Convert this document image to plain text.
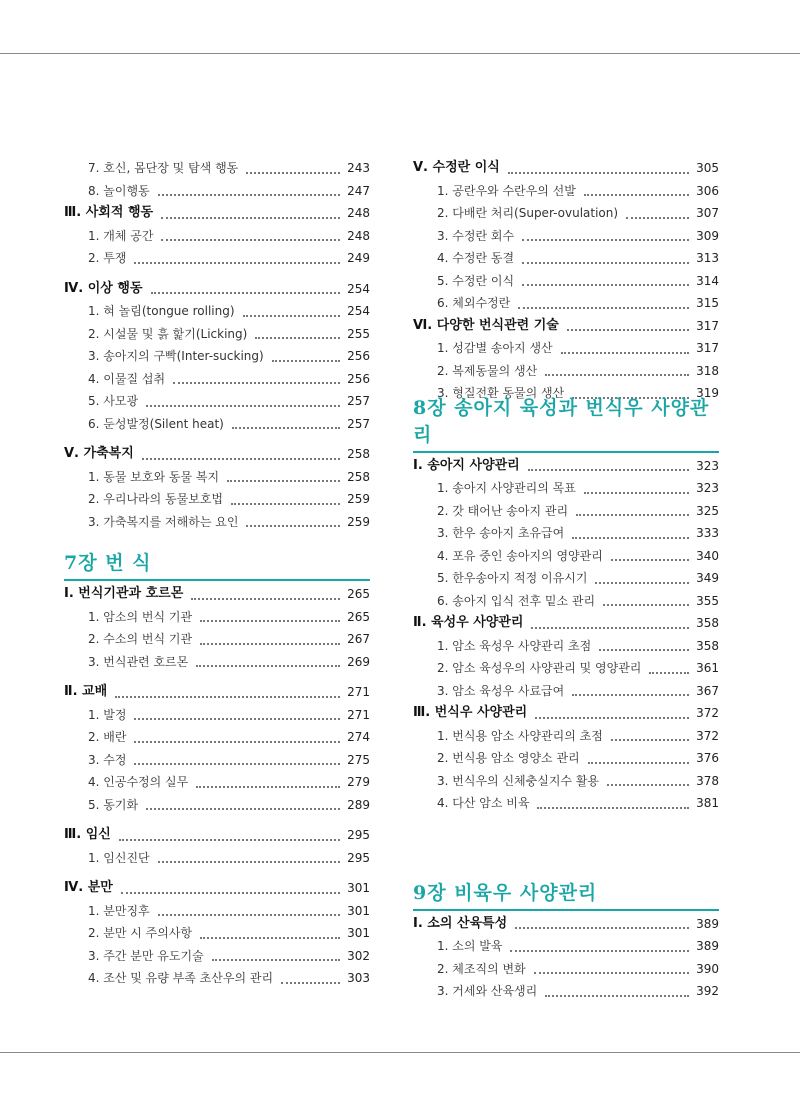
7. 호신, 몸단장 및 탐색 행동	243
8. 놀이행동	247
Ⅲ. 사회적 행동	248
1. 개체 공간	248
2. 투쟁	249
Ⅳ. 이상 행동	254
1. 혀 놀림(tongue rolling)	254
2. 시설물 및 흙 핥기(Licking)	255
3. 송아지의 구빡(Inter-sucking)	256
4. 이물질 섭취	256
5. 사모광	257
6. 둔성발정(Silent heat)	257
Ⅴ. 가축복지	258
1. 동물 보호와 동물 복지	258
2. 우리나라의 동물보호법	259
3. 가축복지를 저해하는 요인	259
7장 번 식
Ⅰ. 번식기관과 호르몬	265
1. 암소의 번식 기관	265
2. 수소의 번식 기관	267
3. 번식관련 호르몬	269
Ⅱ. 교배	271
1. 발정	271
2. 배란	274
3. 수정	275
4. 인공수정의 실무	279
5. 동기화	289
Ⅲ. 임신	295
1. 임신진단	295
Ⅳ. 분만	301
1. 분만징후	301
2. 분만 시 주의사항	301
3. 주간 분만 유도기술	302
4. 조산 및 유량 부족 초산우의 관리	303
Ⅴ. 수정란 이식	305
1. 공란우와 수란우의 선발	306
2. 다배란 처리(Super-ovulation)	307
3. 수정란 회수	309
4. 수정란 동결	313
5. 수정란 이식	314
6. 체외수정란	315
Ⅵ. 다양한 번식관련 기술	317
1. 성감별 송아지 생산	317
2. 복제동물의 생산	318
3. 형질전환 동물의 생산	319
8장 송아지 육성과 번식우 사양관리
Ⅰ. 송아지 사양관리	323
1. 송아지 사양관리의 목표	323
2. 갓 태어난 송아지 관리	325
3. 한우 송아지 초유급여	333
4. 포유 중인 송아지의 영양관리	340
5. 한우송아지 적정 이유시기	349
6. 송아지 입식 전후 밑소 관리	355
Ⅱ. 육성우 사양관리	358
1. 암소 육성우 사양관리 초점	358
2. 암소 육성우의 사양관리 및 영양관리	361
3. 암소 육성우 사료급여	367
Ⅲ. 번식우 사양관리	372
1. 번식용 암소 사양관리의 초점	372
2. 번식용 암소 영양소 관리	376
3. 번식우의 신체충실지수 활용	378
4. 다산 암소 비육	381
9장 비육우 사양관리
Ⅰ. 소의 산육특성	389
1. 소의 발육	389
2. 체조직의 변화	390
3. 거세와 산육생리	392
